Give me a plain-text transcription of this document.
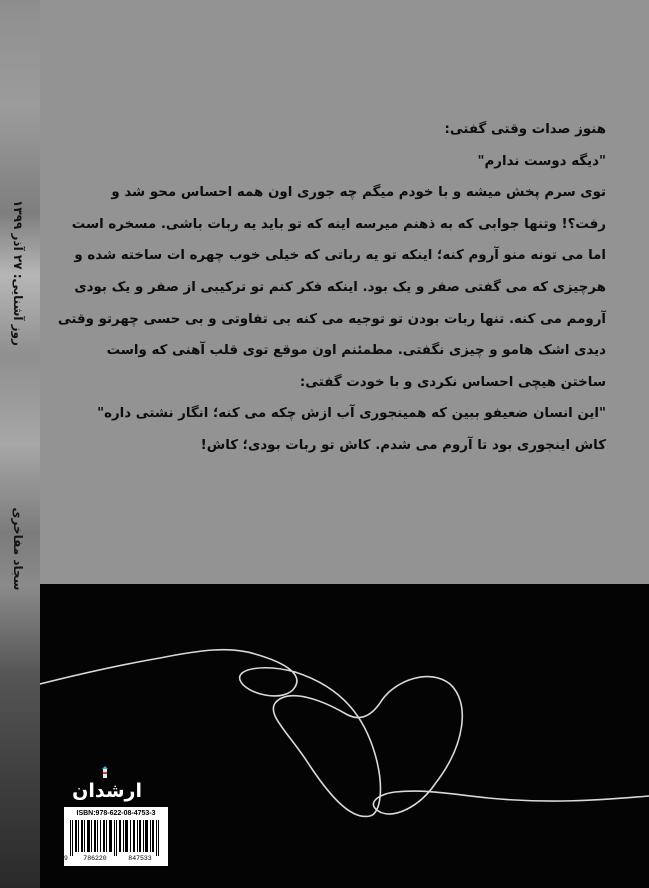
روز آشنایی: ۲۷ آذر ۱۳۹۹
سجاد مفاخری
هنوز صدات وقتی گفتی:
"دیگه دوست ندارم"
توی سرم پخش میشه و با خودم میگم چه جوری اون همه احساس محو شد و
رفت؟! وتنها جوابی که به ذهنم میرسه اینه که تو باید یه ربات باشی. مسخره است
اما می تونه منو آروم کنه؛ اینکه تو یه رباتی که خیلی خوب چهره ات ساخته شده و
هرچیزی که می گفتی صفر و یک بود. اینکه فکر کنم تو ترکیبی از صفر و یک بودی
آرومم می کنه. تنها ربات بودن تو توجیه می کنه بی تفاوتی و بی حسی چهرتو وقتی
دیدی اشک هامو و چیزی نگفتی. مطمئنم اون موقع توی قلب آهنی که واست
ساختن هیچی احساس نکردی و با خودت گفتی:
"این انسان ضعیفو ببین که همینجوری آب ازش چکه می کنه؛ انگار نشتی داره"
کاش اینجوری بود تا آروم می شدم. کاش تو ربات بودی؛ کاش!
ارشدان
ISBN:978-622-08-4753-3
9	786220	847533
